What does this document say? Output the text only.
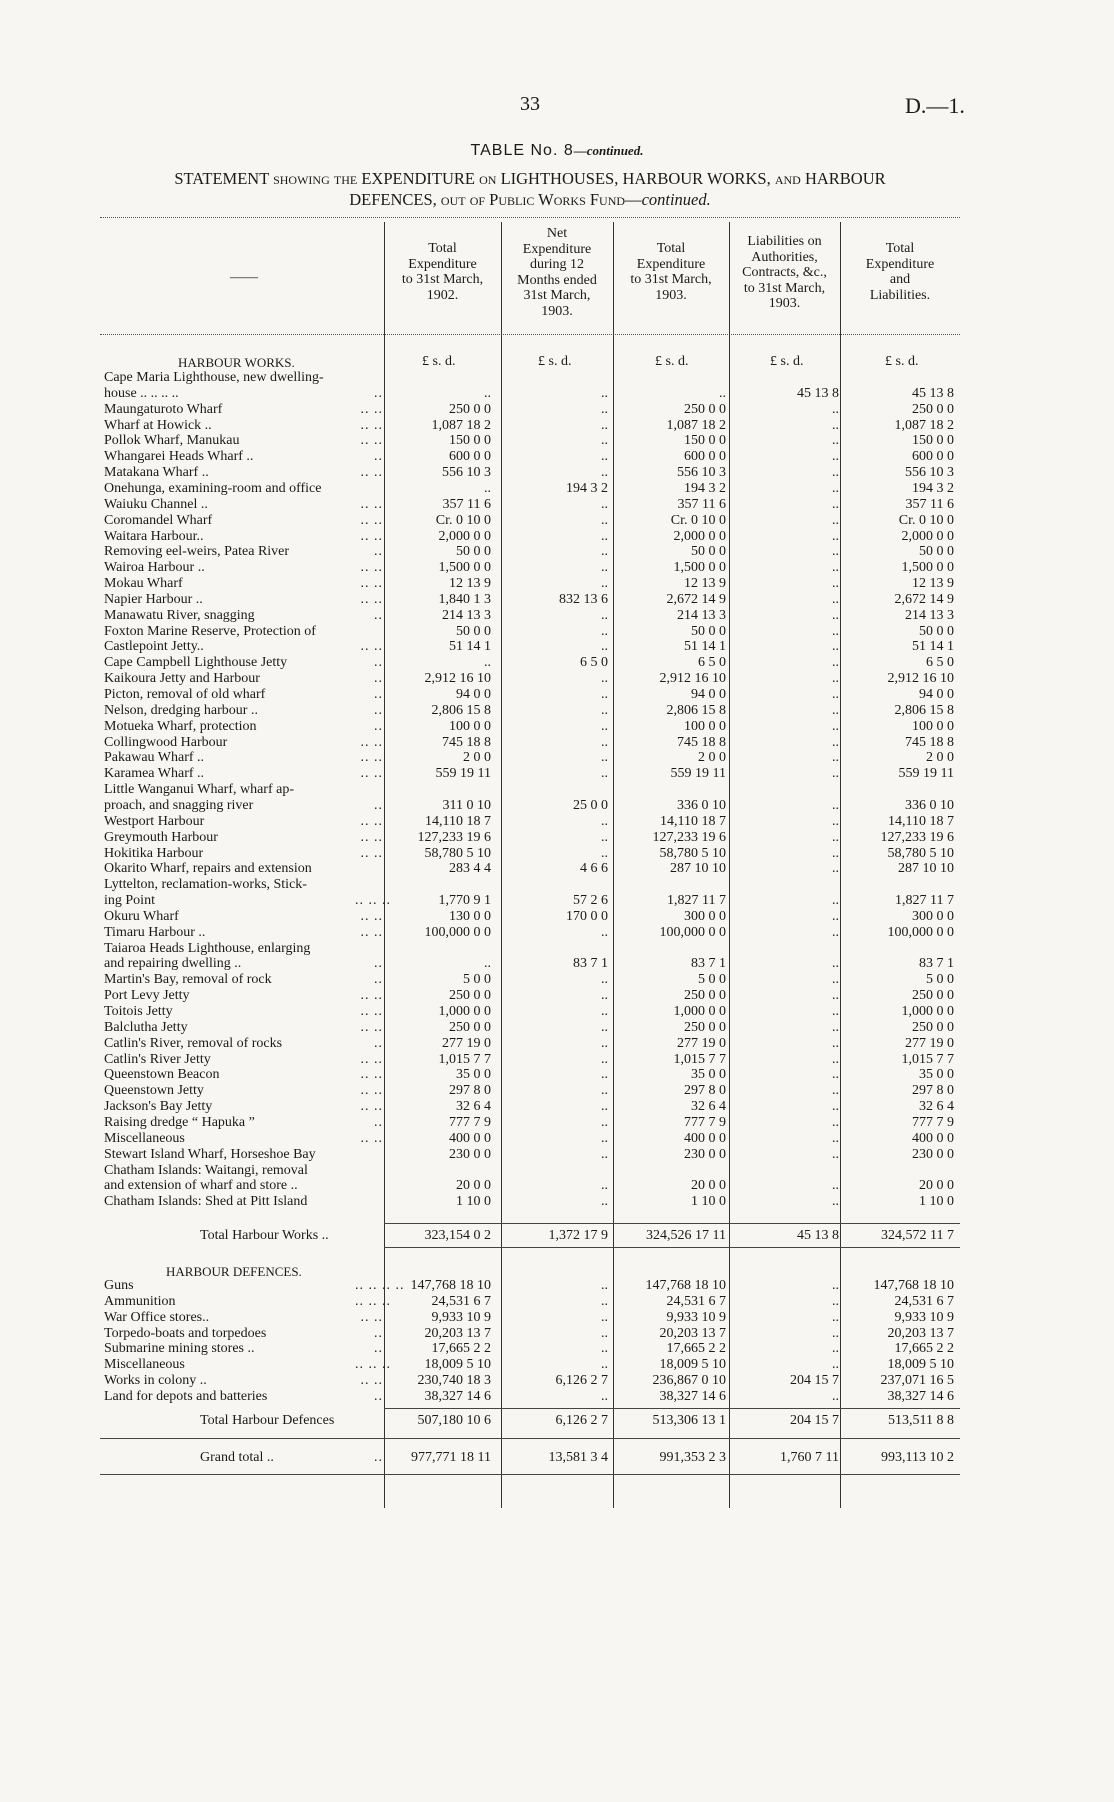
33	D.—1.
TABLE No. 8—continued.
STATEMENT showing the EXPENDITURE on LIGHTHOUSES, HARBOUR WORKS, and HARBOUR
DEFENCES, out of Public Works Fund—continued.
——
Total
Expenditure
to 31st March,
1902.
Net
Expenditure
during 12
Months ended
31st March,
1903.
Total
Expenditure
to 31st March,
1903.
Liabilities on
Authorities,
Contracts, &c.,
to 31st March,
1903.
Total
Expenditure
and
Liabilities.
£ s. d.	£ s. d.	£ s. d.	£ s. d.	£ s. d.
HARBOUR WORKS.
Cape Maria Lighthouse, new dwelling-
house .. .. .. ..	..	..	..	..	45 13 8	45 13 8
Maungaturoto Wharf	.. ..	250 0 0	..	250 0 0	..	250 0 0
Wharf at Howick ..	.. ..	1,087 18 2	..	1,087 18 2	..	1,087 18 2
Pollok Wharf, Manukau	.. ..	150 0 0	..	150 0 0	..	150 0 0
Whangarei Heads Wharf ..	..	600 0 0	..	600 0 0	..	600 0 0
Matakana Wharf ..	.. ..	556 10 3	..	556 10 3	..	556 10 3
Onehunga, examining-room and office	..	194 3 2	194 3 2	..	194 3 2
Waiuku Channel ..	.. ..	357 11 6	..	357 11 6	..	357 11 6
Coromandel Wharf	.. ..	Cr. 0 10 0	..	Cr. 0 10 0	..	Cr. 0 10 0
Waitara Harbour..	.. ..	2,000 0 0	..	2,000 0 0	..	2,000 0 0
Removing eel-weirs, Patea River	..	50 0 0	..	50 0 0	..	50 0 0
Wairoa Harbour ..	.. ..	1,500 0 0	..	1,500 0 0	..	1,500 0 0
Mokau Wharf	.. ..	12 13 9	..	12 13 9	..	12 13 9
Napier Harbour ..	.. ..	1,840 1 3	832 13 6	2,672 14 9	..	2,672 14 9
Manawatu River, snagging	..	214 13 3	..	214 13 3	..	214 13 3
Foxton Marine Reserve, Protection of	50 0 0	..	50 0 0	..	50 0 0
Castlepoint Jetty..	.. ..	51 14 1	..	51 14 1	..	51 14 1
Cape Campbell Lighthouse Jetty	..	..	6 5 0	6 5 0	..	6 5 0
Kaikoura Jetty and Harbour	..	2,912 16 10	..	2,912 16 10	..	2,912 16 10
Picton, removal of old wharf	..	94 0 0	..	94 0 0	..	94 0 0
Nelson, dredging harbour ..	..	2,806 15 8	..	2,806 15 8	..	2,806 15 8
Motueka Wharf, protection	..	100 0 0	..	100 0 0	..	100 0 0
Collingwood Harbour	.. ..	745 18 8	..	745 18 8	..	745 18 8
Pakawau Wharf ..	.. ..	2 0 0	..	2 0 0	..	2 0 0
Karamea Wharf ..	.. ..	559 19 11	..	559 19 11	..	559 19 11
Little Wanganui Wharf, wharf ap-
proach, and snagging river	..	311 0 10	25 0 0	336 0 10	..	336 0 10
Westport Harbour	.. ..	14,110 18 7	..	14,110 18 7	..	14,110 18 7
Greymouth Harbour	.. ..	127,233 19 6	..	127,233 19 6	..	127,233 19 6
Hokitika Harbour	.. ..	58,780 5 10	..	58,780 5 10	..	58,780 5 10
Okarito Wharf, repairs and extension	283 4 4	4 6 6	287 10 10	..	287 10 10
Lyttelton, reclamation-works, Stick-
ing Point	.. .. ..	1,770 9 1	57 2 6	1,827 11 7	..	1,827 11 7
Okuru Wharf	.. ..	130 0 0	170 0 0	300 0 0	..	300 0 0
Timaru Harbour ..	.. ..	100,000 0 0	..	100,000 0 0	..	100,000 0 0
Taiaroa Heads Lighthouse, enlarging
and repairing dwelling ..	..	..	83 7 1	83 7 1	..	83 7 1
Martin's Bay, removal of rock	..	5 0 0	..	5 0 0	..	5 0 0
Port Levy Jetty	.. ..	250 0 0	..	250 0 0	..	250 0 0
Toitois Jetty	.. ..	1,000 0 0	..	1,000 0 0	..	1,000 0 0
Balclutha Jetty	.. ..	250 0 0	..	250 0 0	..	250 0 0
Catlin's River, removal of rocks	..	277 19 0	..	277 19 0	..	277 19 0
Catlin's River Jetty	.. ..	1,015 7 7	..	1,015 7 7	..	1,015 7 7
Queenstown Beacon	.. ..	35 0 0	..	35 0 0	..	35 0 0
Queenstown Jetty	.. ..	297 8 0	..	297 8 0	..	297 8 0
Jackson's Bay Jetty	.. ..	32 6 4	..	32 6 4	..	32 6 4
Raising dredge “ Hapuka ”	..	777 7 9	..	777 7 9	..	777 7 9
Miscellaneous	.. ..	400 0 0	..	400 0 0	..	400 0 0
Stewart Island Wharf, Horseshoe Bay	230 0 0	..	230 0 0	..	230 0 0
Chatham Islands: Waitangi, removal
and extension of wharf and store ..	20 0 0	..	20 0 0	..	20 0 0
Chatham Islands: Shed at Pitt Island	1 10 0	..	1 10 0	..	1 10 0
Total Harbour Works ..	323,154 0 2	1,372 17 9	324,526 17 11	45 13 8	324,572 11 7
HARBOUR DEFENCES.
Guns	.. .. .. .. 147,768 18 10	..	147,768 18 10	..	147,768 18 10
Ammunition	.. .. ..	24,531 6 7	..	24,531 6 7	..	24,531 6 7
War Office stores..	.. ..	9,933 10 9	..	9,933 10 9	..	9,933 10 9
Torpedo-boats and torpedoes	..	20,203 13 7	..	20,203 13 7	..	20,203 13 7
Submarine mining stores ..	..	17,665 2 2	..	17,665 2 2	..	17,665 2 2
Miscellaneous	.. .. ..	18,009 5 10	..	18,009 5 10	..	18,009 5 10
Works in colony ..	.. ..	230,740 18 3	6,126 2 7	236,867 0 10	204 15 7	237,071 16 5
Land for depots and batteries	..	38,327 14 6	..	38,327 14 6	..	38,327 14 6
Total Harbour Defences	507,180 10 6	6,126 2 7	513,306 13 1	204 15 7	513,511 8 8
Grand total ..	..	977,771 18 11	13,581 3 4	991,353 2 3	1,760 7 11	993,113 10 2
